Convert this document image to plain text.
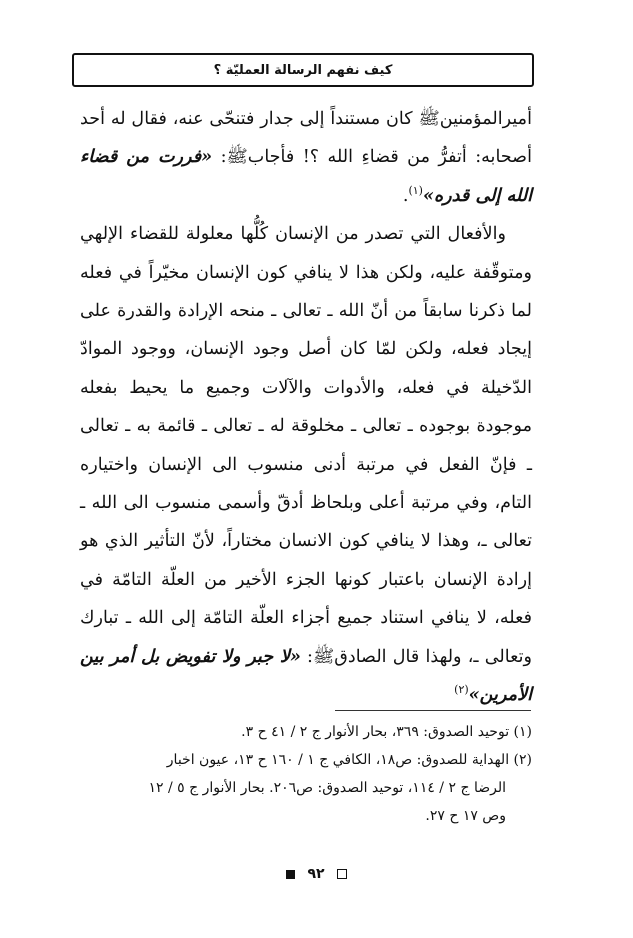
كيف نفهم الرسالة العمليّة ؟

أميرالمؤمنينﷺ كان مستنداً إلى جدار فتنحّى عنه، فقال له أحد أصحابه: أتفرُّ من قضاءِ الله ؟! فأجابﷺ: «فررت من قضاء الله إلى قدره»$^{(١)}$.

والأفعال التي تصدر من الإنسان كُلُّها معلولة للقضاء الإلهي ومتوقّفة عليه، ولكن هذا لا ينافي كون الإنسان مخيّراً في فعله لما ذكرنا سابقاً من أنّ الله ـ تعالى ـ منحه الإرادة والقدرة على إيجاد فعله، ولكن لمّا كان أصل وجود الإنسان، ووجود الموادّ الدّخيلة في فعله، والأدوات والآلات وجميع ما يحيط بفعله موجودة بوجوده ـ تعالى ـ مخلوقة له ـ تعالى ـ قائمة به ـ تعالى ـ فإنّ الفعل في مرتبة أدنى منسوب الى الإنسان واختياره التام، وفي مرتبة أعلى وبلحاظ أدقّ وأسمى منسوب الى الله ـ تعالى ـ، وهذا لا ينافي كون الانسان مختاراً، لأنّ التأثير الذي هو إرادة الإنسان باعتبار كونها الجزء الأخير من العلّة التامّة في فعله، لا ينافي استناد جميع أجزاء العلّة التامّة إلى الله ـ تبارك وتعالى ـ، ولهذا قال الصادقﷺ: «لا جبر ولا تفويض بل أمر بين الأمرين»$^{(٢)}$

(١) توحيد الصدوق: ٣٦٩، بحار الأنوار ج ٢ / ٤١ ح ٣.

(٢) الهداية للصدوق: ص١٨، الكافي ج ١ / ١٦٠ ح ١٣، عيون اخبار

الرضا ج ٢ / ١١٤، توحيد الصدوق: ص٢٠٦. بحار الأنوار ج ٥ / ١٢

وص ١٧ ح ٢٧.

٩٢
